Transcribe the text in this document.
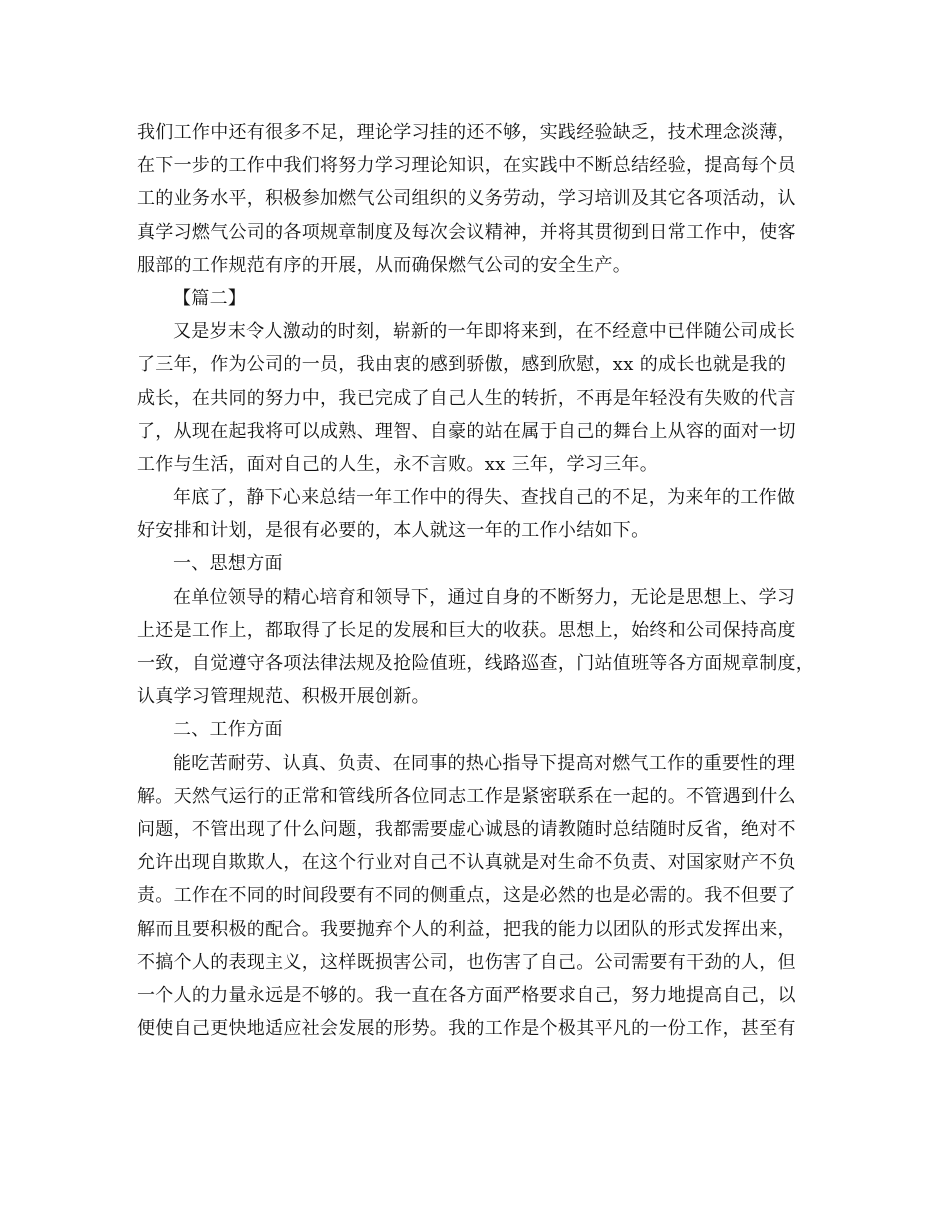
我们工作中还有很多不足，理论学习挂的还不够，实践经验缺乏，技术理念淡薄，
在下一步的工作中我们将努力学习理论知识，在实践中不断总结经验，提高每个员
工的业务水平，积极参加燃气公司组织的义务劳动，学习培训及其它各项活动，认
真学习燃气公司的各项规章制度及每次会议精神，并将其贯彻到日常工作中，使客
服部的工作规范有序的开展，从而确保燃气公司的安全生产。
【篇二】
又是岁末令人激动的时刻，崭新的一年即将来到，在不经意中已伴随公司成长
了三年，作为公司的一员，我由衷的感到骄傲，感到欣慰，xx 的成长也就是我的
成长，在共同的努力中，我已完成了自己人生的转折，不再是年轻没有失败的代言
了，从现在起我将可以成熟、理智、自豪的站在属于自己的舞台上从容的面对一切
工作与生活，面对自己的人生，永不言败。xx 三年，学习三年。
年底了，静下心来总结一年工作中的得失、查找自己的不足，为来年的工作做
好安排和计划，是很有必要的，本人就这一年的工作小结如下。
一、思想方面
在单位领导的精心培育和领导下，通过自身的不断努力，无论是思想上、学习
上还是工作上，都取得了长足的发展和巨大的收获。思想上，始终和公司保持高度
一致，自觉遵守各项法律法规及抢险值班，线路巡查，门站值班等各方面规章制度，
认真学习管理规范、积极开展创新。
二、工作方面
能吃苦耐劳、认真、负责、在同事的热心指导下提高对燃气工作的重要性的理
解。天然气运行的正常和管线所各位同志工作是紧密联系在一起的。不管遇到什么
问题，不管出现了什么问题，我都需要虚心诚恳的请教随时总结随时反省，绝对不
允许出现自欺欺人，在这个行业对自己不认真就是对生命不负责、对国家财产不负
责。工作在不同的时间段要有不同的侧重点，这是必然的也是必需的。我不但要了
解而且要积极的配合。我要抛弃个人的利益，把我的能力以团队的形式发挥出来，
不搞个人的表现主义，这样既损害公司，也伤害了自己。公司需要有干劲的人，但
一个人的力量永远是不够的。我一直在各方面严格要求自己，努力地提高自己，以
便使自己更快地适应社会发展的形势。我的工作是个极其平凡的一份工作，甚至有
